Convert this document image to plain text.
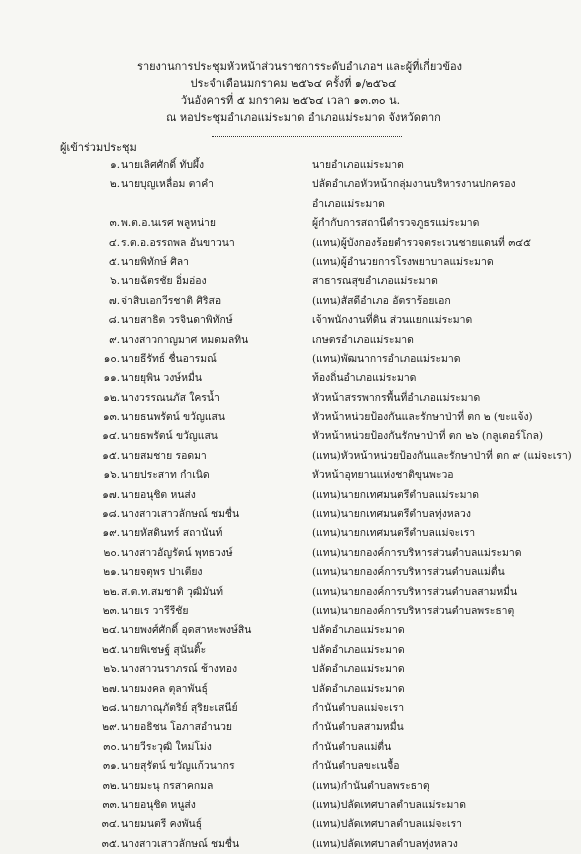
รายงานการประชุมหัวหน้าส่วนราชการระดับอำเภอฯ และผู้ที่เกี่ยวข้อง
ประจำเดือนมกราคม ๒๕๖๔ ครั้งที่ ๑/๒๕๖๔
วันอังคารที่ ๕ มกราคม ๒๕๖๔ เวลา ๑๓.๓๐ น.
ณ หอประชุมอำเภอแม่ระมาด อำเภอแม่ระมาด จังหวัดตาก
ผู้เข้าร่วมประชุม
๑. นายเลิศศักดิ์ ทับผึ้ง	นายอำเภอแม่ระมาด
๒. นายบุญเหลื่อม ตาคำ	ปลัดอำเภอหัวหน้ากลุ่มงานบริหารงานปกครอง
อำเภอแม่ระมาด
๓. พ.ต.อ.นเรศ พลูหน่าย	ผู้กำกับการสถานีตำรวจภูธรแม่ระมาด
๔. ร.ต.อ.อรรถพล อันขาวนา	(แทน)ผู้บังกองร้อยตำรวจตระเวนชายแดนที่ ๓๔๕
๕. นายพิทักษ์ ศิลา	(แทน)ผู้อำนวยการโรงพยาบาลแม่ระมาด
๖. นายฉัตรชัย อิ่มอ่อง	สาธารณสุขอำเภอแม่ระมาด
๗. จ่าสิบเอกวีรชาติ ศิริสอ	(แทน)สัสดีอำเภอ อัตราร้อยเอก
๘. นายสาธิต วรจินดาพิทักษ์	เจ้าพนักงานที่ดิน ส่วนแยกแม่ระมาด
๙. นางสาวกาญมาศ หมดมลทิน	เกษตรอำเภอแม่ระมาด
๑๐. นายธีรัทธ์ ชื่นอารมณ์	(แทน)พัฒนาการอำเภอแม่ระมาด
๑๑. นายยุพิน วงษ์หมื่น	ท้องถิ่นอำเภอแม่ระมาด
๑๒. นางวรรณนภัส ใครน้ำ	หัวหน้าสรรพากรพื้นที่อำเภอแม่ระมาด
๑๓. นายธนพรัตน์ ขวัญแสน	หัวหน้าหน่วยป้องกันและรักษาป่าที่ ตก ๒ (ขะแจ้ง)
๑๔. นายธพรัตน์ ขวัญแสน	หัวหน้าหน่วยป้องกันรักษาป่าที่ ตก ๒๖ (กลูเตอร์โกล)
๑๕. นายสมชาย รอดมา	(แทน)หัวหน้าหน่วยป้องกันและรักษาป่าที่ ตก ๙ (แม่จะเรา)
๑๖. นายประสาท กำเนิด	หัวหน้าอุทยานแห่งชาติขุนพะวอ
๑๗. นายอนุชิต หนส่ง	(แทน)นายกเทศมนตรีตำบลแม่ระมาด
๑๘. นางสาวเสาวลักษณ์ ชมชื่น	(แทน)นายกเทศมนตรีตำบลทุ่งหลวง
๑๙. นายหัสดินทร์ สถานันท์	(แทน)นายกเทศมนตรีตำบลแม่จะเรา
๒๐. นางสาวอัญรัตน์ พุทธวงษ์	(แทน)นายกองค์การบริหารส่วนตำบลแม่ระมาด
๒๑. นายจตุพร ปาเตียง	(แทน)นายกองค์การบริหารส่วนตำบลแม่ตื่น
๒๒. ส.ต.ท.สมชาติ วุฒิมันท์	(แทน)นายกองค์การบริหารส่วนตำบลสามหมื่น
๒๓. นายเร วารีรีชัย	(แทน)นายกองค์การบริหารส่วนตำบลพระธาตุ
๒๔. นายพงศ์ศักดิ์ อุดสาหะพงษ์สิน	ปลัดอำเภอแม่ระมาด
๒๕. นายพิเชษฐ์ สุนันติ๊ะ	ปลัดอำเภอแม่ระมาด
๒๖. นางสาวนราภรณ์ ช้างทอง	ปลัดอำเภอแม่ระมาด
๒๗. นายมงคล ตุลาพันธุ์	ปลัดอำเภอแม่ระมาด
๒๘. นายภาณุภัตริย์ สุริยะเสนีย์	กำนันตำบลแม่จะเรา
๒๙. นายอธิชน โอภาสอำนวย	กำนันตำบลสามหมื่น
๓๐. นายวีระวุฒิ ใหม่โม่ง	กำนันตำบลแม่ตื่น
๓๑. นายสุรัตน์ ขวัญแก้วนากร	กำนันตำบลขะเนจื้อ
๓๒. นายมะนุ กรสาคกมล	(แทน)กำนันตำบลพระธาตุ
๓๓. นายอนุชิต หนูส่ง	(แทน)ปลัดเทศบาลตำบลแม่ระมาด
๓๔. นายมนตรี คงพันธุ์	(แทน)ปลัดเทศบาลตำบลแม่จะเรา
๓๕. นางสาวเสาวลักษณ์ ชมชื่น	(แทน)ปลัดเทศบาลตำบลทุ่งหลวง
